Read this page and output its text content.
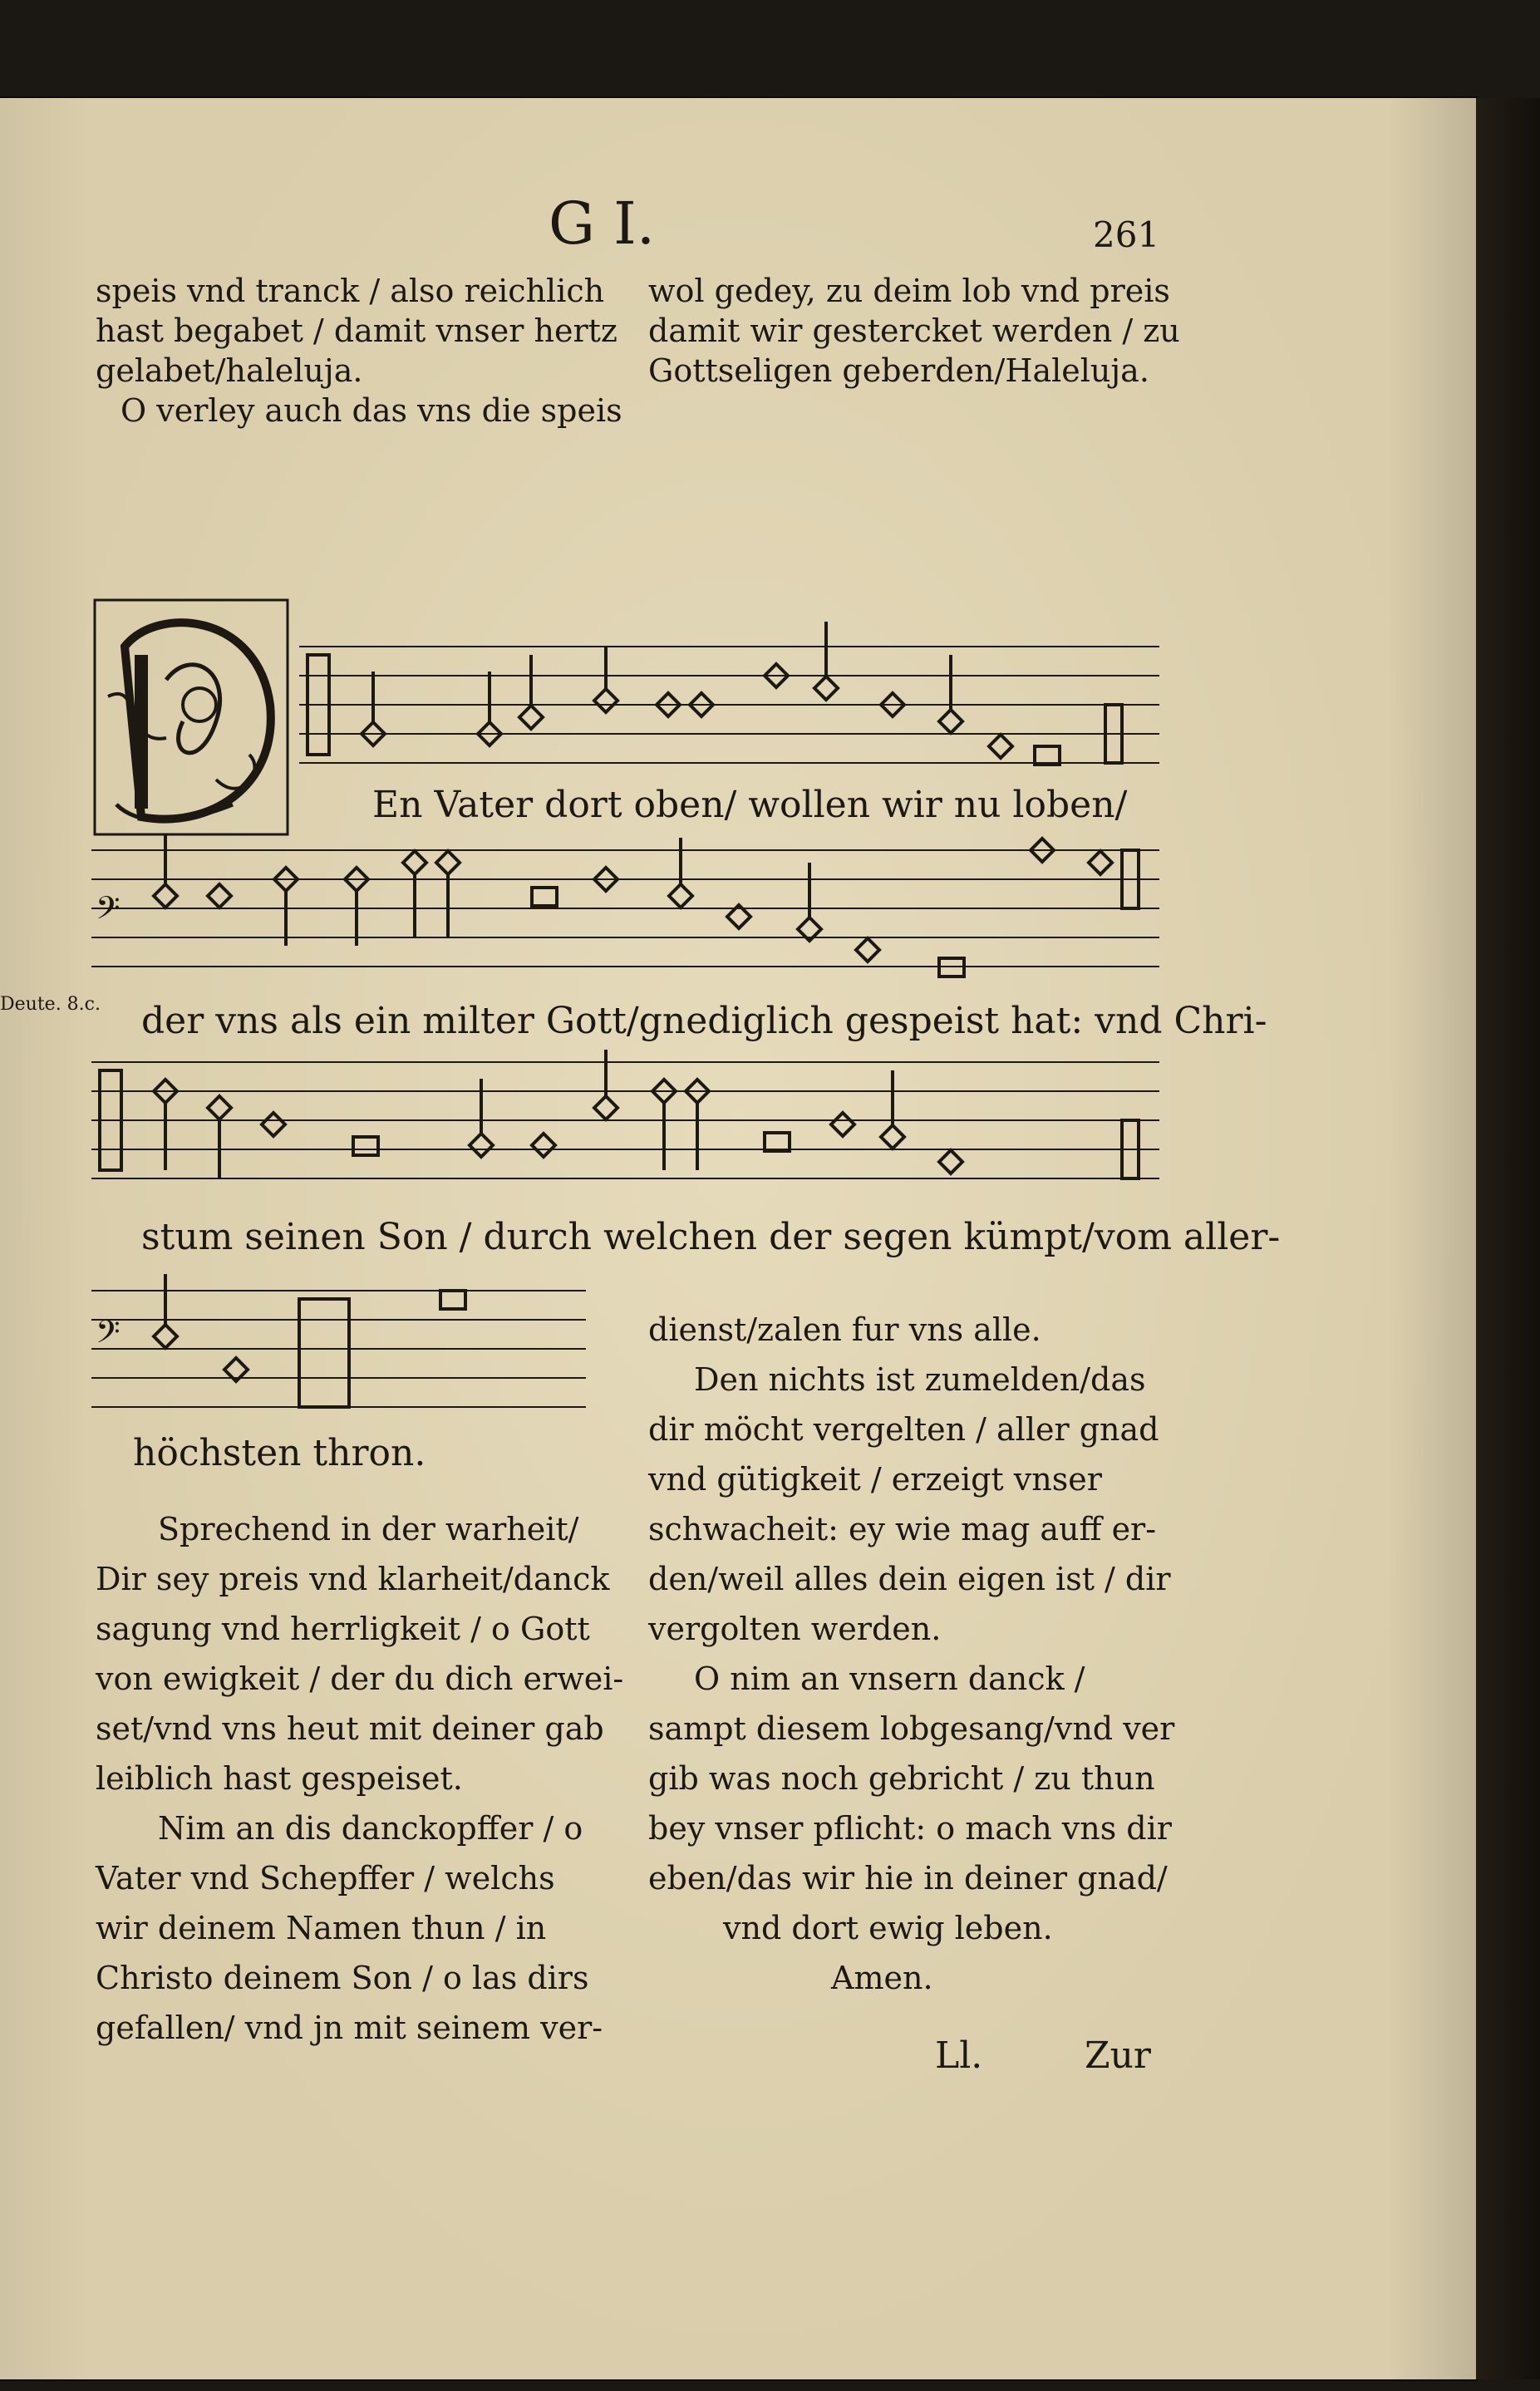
G I.	261
speis vnd tranck / also reichlich
hast begabet / damit vnser hertz
gelabet/haleluja.
O verley auch das vns die speis
wol gedey, zu deim lob vnd preis
damit wir gestercket werden / zu
Gottseligen geberden/Haleluja.
En Vater dort oben/ wollen wir nu loben/
𝄢
Deute. 8.c. der vns als ein milter Gott/gnediglich gespeist hat: vnd Chri-
stum seinen Son / durch welchen der segen kümpt/vom aller-
𝄢
höchsten thron.
dienst/zalen fur vns alle.
Den nichts ist zumelden/das
dir möcht vergelten / aller gnad
vnd gütigkeit / erzeigt vnser
schwacheit: ey wie mag auff er-
den/weil alles dein eigen ist / dir
vergolten werden.
O nim an vnsern danck /
sampt diesem lobgesang/vnd ver
gib was noch gebricht / zu thun
bey vnser pflicht: o mach vns dir
eben/das wir hie in deiner gnad/
vnd dort ewig leben.
Amen.
Sprechend in der warheit/
Dir sey preis vnd klarheit/danck
sagung vnd herrligkeit / o Gott
von ewigkeit / der du dich erwei-
set/vnd vns heut mit deiner gab
leiblich hast gespeiset.
Nim an dis danckopffer / o
Vater vnd Schepffer / welchs
wir deinem Namen thun / in
Christo deinem Son / o las dirs
gefallen/ vnd jn mit seinem ver-
Ll.	Zur
